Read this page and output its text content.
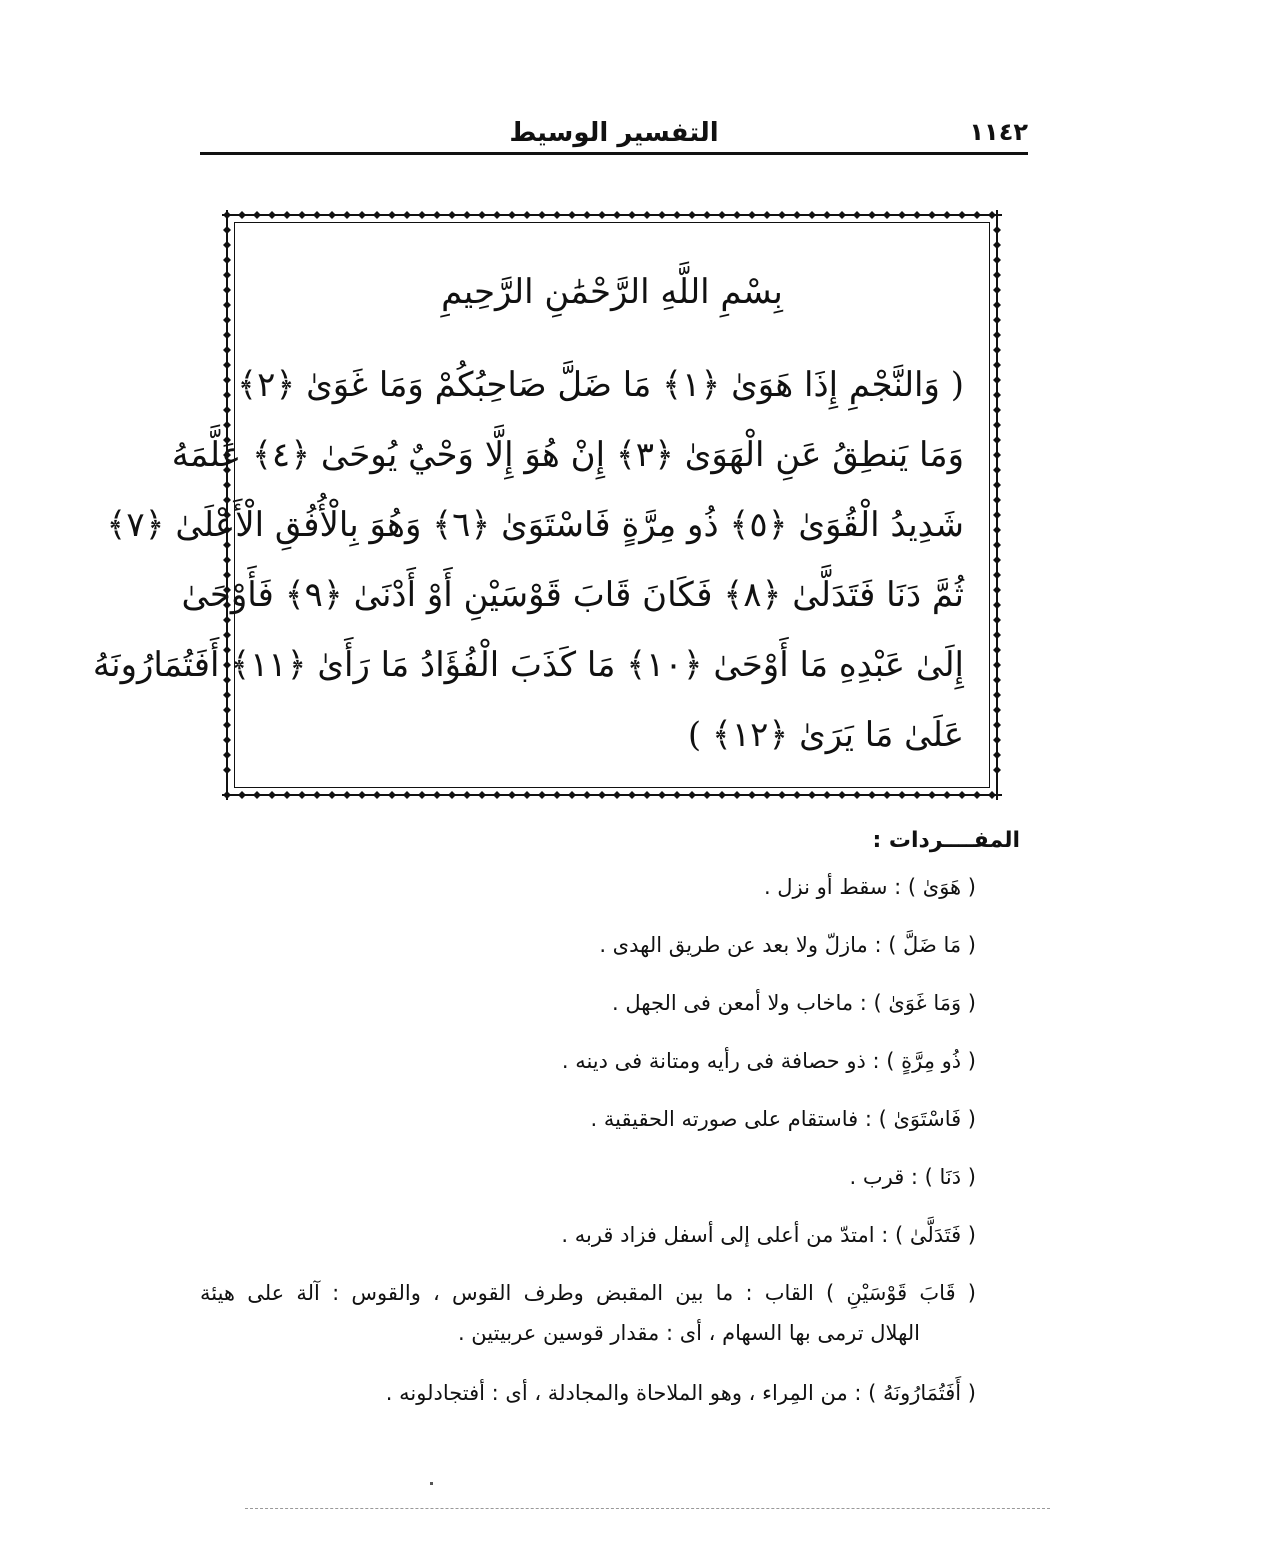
التفسير الوسيط	١١٤٢
بِسْمِ اللَّهِ الرَّحْمَٰنِ الرَّحِيمِ
( وَالنَّجْمِ إِذَا هَوَىٰ ﴿١﴾ مَا ضَلَّ صَاحِبُكُمْ وَمَا غَوَىٰ ﴿٢﴾
وَمَا يَنطِقُ عَنِ الْهَوَىٰ ﴿٣﴾ إِنْ هُوَ إِلَّا وَحْيٌ يُوحَىٰ ﴿٤﴾ عَلَّمَهُ
شَدِيدُ الْقُوَىٰ ﴿٥﴾ ذُو مِرَّةٍ فَاسْتَوَىٰ ﴿٦﴾ وَهُوَ بِالْأُفُقِ الْأَعْلَىٰ ﴿٧﴾
ثُمَّ دَنَا فَتَدَلَّىٰ ﴿٨﴾ فَكَانَ قَابَ قَوْسَيْنِ أَوْ أَدْنَىٰ ﴿٩﴾ فَأَوْحَىٰ
إِلَىٰ عَبْدِهِ مَا أَوْحَىٰ ﴿١٠﴾ مَا كَذَبَ الْفُؤَادُ مَا رَأَىٰ ﴿١١﴾ أَفَتُمَارُونَهُ
عَلَىٰ مَا يَرَىٰ ﴿١٢﴾ )
المفــــردات :
( هَوَىٰ ) : سقط أو نزل .
( مَا ضَلَّ ) : مازلّ ولا بعد عن طريق الهدى .
( وَمَا غَوَىٰ ) : ماخاب ولا أمعن فى الجهل .
( ذُو مِرَّةٍ ) : ذو حصافة فى رأيه ومتانة فى دينه .
( فَاسْتَوَىٰ ) : فاستقام على صورته الحقيقية .
( دَنَا ) : قرب .
( فَتَدَلَّىٰ ) : امتدّ من أعلى إلى أسفل فزاد قربه .
( قَابَ قَوْسَيْنِ ) القاب : ما بين المقبض وطرف القوس ، والقوس : آلة على هيئة
الهلال ترمى بها السهام ، أى : مقدار قوسين عربيتين .
( أَفَتُمَارُونَهُ ) : من المِراء ، وهو الملاحاة والمجادلة ، أى : أفتجادلونه .
